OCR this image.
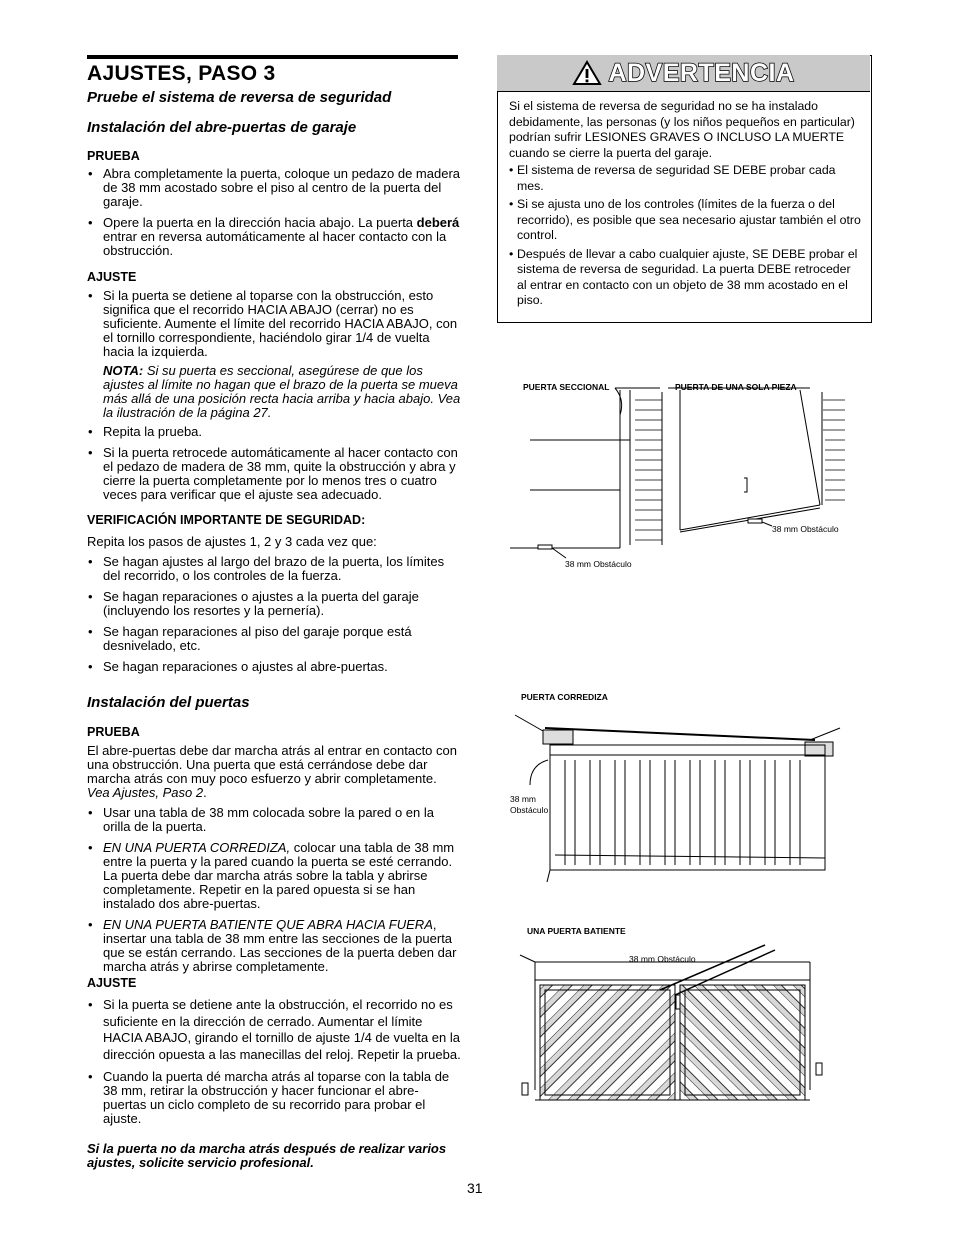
AJUSTES, PASO 3
Pruebe el sistema de reversa de seguridad
Instalación del abre-puertas de garaje
PRUEBA
• Abra completamente la puerta, coloque un pedazo de madera de 38 mm acostado sobre el piso al centro de la puerta del garaje.
• Opere la puerta en la dirección hacia abajo. La puerta deberá entrar en reversa automáticamente al hacer contacto con la obstrucción.
AJUSTE
• Si la puerta se detiene al toparse con la obstrucción, esto significa que el recorrido HACIA ABAJO (cerrar) no es suficiente. Aumente el límite del recorrido HACIA ABAJO, con el tornillo correspondiente, haciéndolo girar 1/4 de vuelta hacia la izquierda.
NOTA: Si su puerta es seccional, asegúrese de que los ajustes al límite no hagan que el brazo de la puerta se mueva más allá de una posición recta hacia arriba y hacia abajo. Vea la ilustración de la página 27.
• Repita la prueba.
• Si la puerta retrocede automáticamente al hacer contacto con el pedazo de madera de 38 mm, quite la obstrucción y abra y cierre la puerta completamente por lo menos tres o cuatro veces para verificar que el ajuste sea adecuado.
VERIFICACIÓN IMPORTANTE DE SEGURIDAD:
Repita los pasos de ajustes 1, 2 y 3 cada vez que:
• Se hagan ajustes al largo del brazo de la puerta, los límites del recorrido, o los controles de la fuerza.
• Se hagan reparaciones o ajustes a la puerta del garaje (incluyendo los resortes y la pernería).
• Se hagan reparaciones al piso del garaje porque está desnivelado, etc.
• Se hagan reparaciones o ajustes al abre-puertas.
Instalación del puertas
PRUEBA
El abre-puertas debe dar marcha atrás al entrar en contacto con una obstrucción. Una puerta que está cerrándose debe dar marcha atrás con muy poco esfuerzo y abrir completamente. Vea Ajustes, Paso 2.
• Usar una tabla de 38 mm colocada sobre la pared o en la orilla de la puerta.
• EN UNA PUERTA CORREDIZA, colocar una tabla de 38 mm entre la puerta y la pared cuando la puerta se esté cerrando. La puerta debe dar marcha atrás sobre la tabla y abrirse completamente. Repetir en la pared opuesta si se han instalado dos abre-puertas.
• EN UNA PUERTA BATIENTE QUE ABRA HACIA FUERA, insertar una tabla de 38 mm entre las secciones de la puerta que se están cerrando. Las secciones de la puerta deben dar marcha atrás y abrirse completamente.
AJUSTE
• Si la puerta se detiene ante la obstrucción, el recorrido no es suficiente en la dirección de cerrado. Aumentar el límite HACIA ABAJO, girando el tornillo de ajuste 1/4 de vuelta en la dirección opuesta a las manecillas del reloj. Repetir la prueba.
• Cuando la puerta dé marcha atrás al toparse con la tabla de 38 mm, retirar la obstrucción y hacer funcionar el abre-puertas un ciclo completo de su recorrido para probar el ajuste.
Si la puerta no da marcha atrás después de realizar varios ajustes, solicite servicio profesional.
31
ADVERTENCIA
Si el sistema de reversa de seguridad no se ha instalado debidamente, las personas (y los niños pequeños en particular) podrían sufrir LESIONES GRAVES O INCLUSO LA MUERTE cuando se cierre la puerta del garaje.
• El sistema de reversa de seguridad SE DEBE probar cada mes.
• Si se ajusta uno de los controles (límites de la fuerza o del recorrido), es posible que sea necesario ajustar también el otro control.
• Después de llevar a cabo cualquier ajuste, SE DEBE probar el sistema de reversa de seguridad. La puerta DEBE retroceder al entrar en contacto con un objeto de 38 mm acostado en el piso.
PUERTA SECCIONAL	PUERTA DE UNA SOLA PIEZA
38 mm Obstáculo
38 mm Obstáculo
PUERTA CORREDIZA
38 mm
Obstáculo
UNA PUERTA BATIENTE
38 mm Obstáculo
